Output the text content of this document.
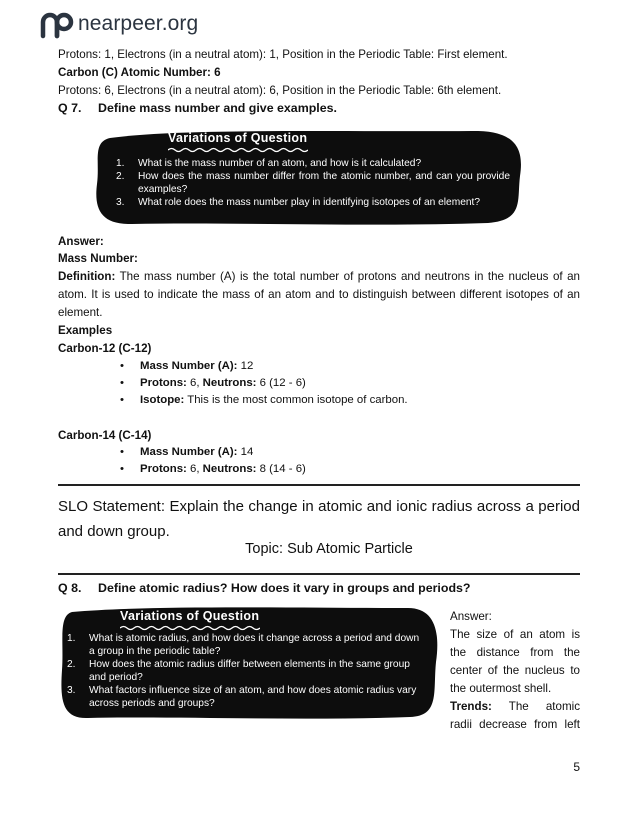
nearpeer.org
Protons: 1, Electrons (in a neutral atom): 1, Position in the Periodic Table: First element.
Carbon (C) Atomic Number: 6
Protons: 6, Electrons (in a neutral atom): 6, Position in the Periodic Table: 6th element.
Q 7. Define mass number and give examples.
Variations of Question
1.	What is the mass number of an atom, and how is it calculated?
2.	How does the mass number differ from the atomic number, and can you provide examples?
3.	What role does the mass number play in identifying isotopes of an element?
Answer:
Mass Number:
Definition: The mass number (A) is the total number of protons and neutrons in the nucleus of an atom. It is used to indicate the mass of an atom and to distinguish between different isotopes of an element.
Examples
Carbon-12 (C-12)
• Mass Number (A): 12
• Protons: 6, Neutrons: 6 (12 - 6)
• Isotope: This is the most common isotope of carbon.
Carbon-14 (C-14)
• Mass Number (A): 14
• Protons: 6, Neutrons: 8 (14 - 6)
SLO Statement: Explain the change in atomic and ionic radius across a period and down group.
Topic: Sub Atomic Particle
Q 8. Define atomic radius? How does it vary in groups and periods?
Variations of Question
1.	What is atomic radius, and how does it change across a period and down a group in the periodic table?
2.	How does the atomic radius differ between elements in the same group and period?
3.	What factors influence size of an atom, and how does atomic radius vary across periods and groups?
Answer:
The size of an atom is
the distance from the
center of the nucleus to
the outermost shell.
Trends: The atomic
radii decrease from left
5
